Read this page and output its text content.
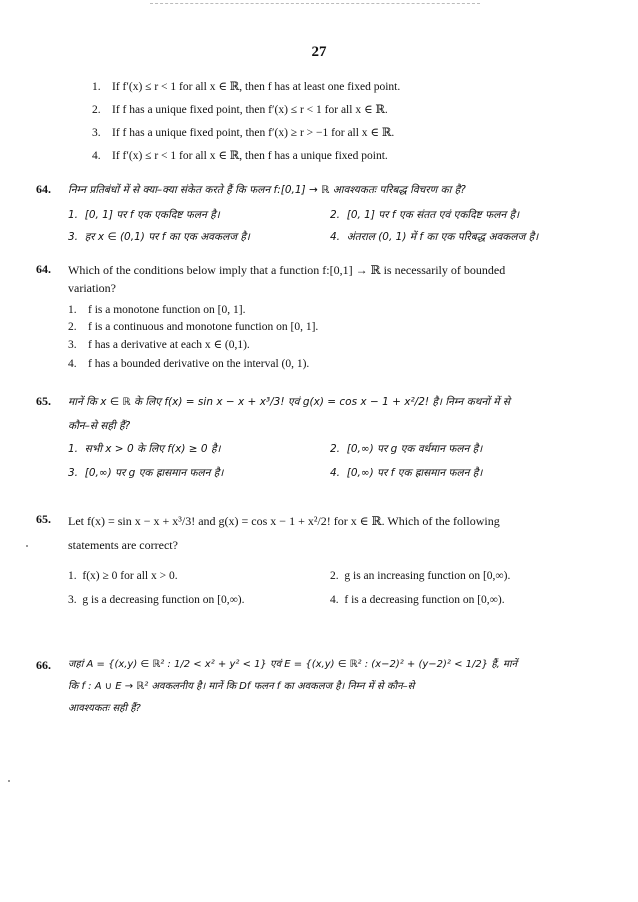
27
1. If f′(x) ≤ r < 1 for all x ∈ ℝ, then f has at least one fixed point.
2. If f has a unique fixed point, then f′(x) ≤ r < 1 for all x ∈ ℝ.
3. If f has a unique fixed point, then f′(x) ≥ r > −1 for all x ∈ ℝ.
4. If f′(x) ≤ r < 1 for all x ∈ ℝ, then f has a unique fixed point.
64. निम्न प्रतिबंधों में से क्या–क्या संकेत करते हैं कि फलन f:[0,1] → ℝ आवश्यकतः परिबद्ध विचरण का है?
1. [0, 1] पर f एक एकदिष्ट फलन है।	2. [0, 1] पर f एक संतत एवं एकदिष्ट फलन है।
3. हर x ∈ (0,1) पर f का एक अवकलज है।	4. अंतराल (0, 1) में f का एक परिबद्ध अवकलज है।
64. Which of the conditions below imply that a function f:[0,1] → ℝ is necessarily of bounded
variation?
1. f is a monotone function on [0, 1].
2. f is a continuous and monotone function on [0, 1].
3. f has a derivative at each x ∈ (0,1).
4. f has a bounded derivative on the interval (0, 1).
65. मानें कि x ∈ ℝ के लिए f(x) = sin x − x + x³/3! एवं g(x) = cos x − 1 + x²/2! है। निम्न कथनों में से
कौन–से सही हैं?
1. सभी x > 0 के लिए f(x) ≥ 0 है।	2. [0,∞) पर g एक वर्धमान फलन है।
3. [0,∞) पर g एक ह्रासमान फलन है।	4. [0,∞) पर f एक ह्रासमान फलन है।
65. Let f(x) = sin x − x + x³/3! and g(x) = cos x − 1 + x²/2! for x ∈ ℝ. Which of the following
statements are correct?
1. f(x) ≥ 0 for all x > 0.	2. g is an increasing function on [0,∞).
3. g is a decreasing function on [0,∞).	4. f is a decreasing function on [0,∞).
66. जहां A = {(x,y) ∈ ℝ² : 1/2 < x² + y² < 1} एवं E = {(x,y) ∈ ℝ² : (x−2)² + (y−2)² < 1/2} हैं, मानें
कि f : A ∪ E → ℝ² अवकलनीय है। मानें कि Df फलन f का अवकलज है। निम्न में से कौन–से
आवश्यकतः सही हैं?
